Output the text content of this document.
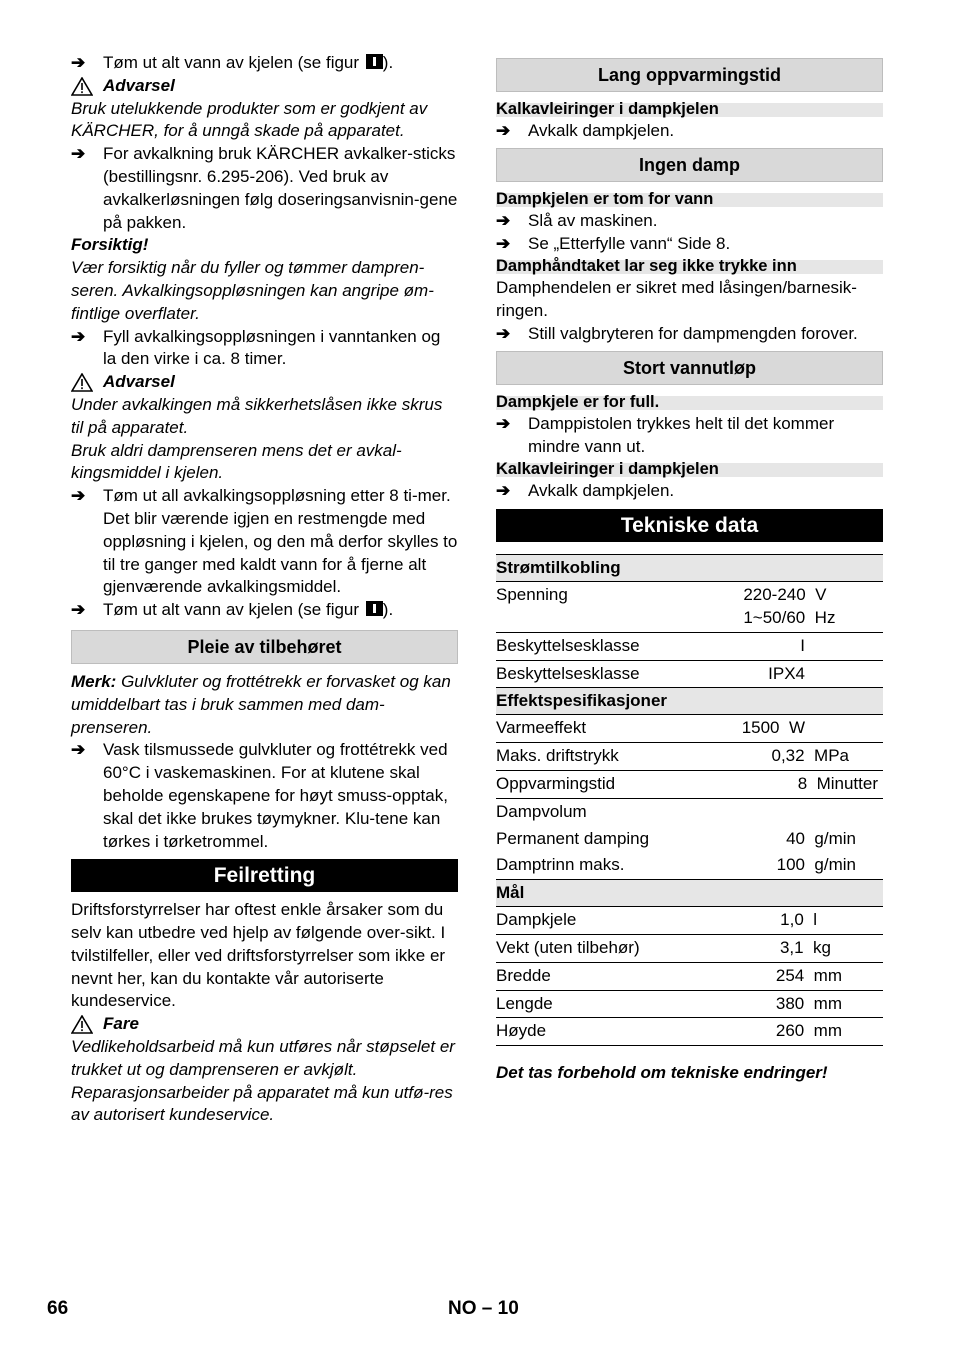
➔	Tøm ut alt vann av kjelen (se figur ).
Advarsel

Bruk utelukkende produkter som er godkjent av KÄRCHER, for å unngå skade på apparatet.

➔	For avkalkning bruk KÄRCHER avkalker-sticks (bestillingsnr. 6.295-206). Ved bruk av avkalkerløsningen følg doseringsanvisnin-gene på pakken.

Forsiktig!

Vær forsiktig når du fyller og tømmer dampren-seren. Avkalkingsoppløsningen kan angripe øm-fintlige overflater.

➔	Fyll avkalkingsoppløsningen i vanntanken og la den virke i ca. 8 timer.
Advarsel

Under avkalkingen må sikkerhetslåsen ikke skrus til på apparatet.

Bruk aldri damprenseren mens det er avkal-kingsmiddel i kjelen.

➔	Tøm ut all avkalkingsoppløsning etter 8 ti-mer. Det blir værende igjen en restmengde med oppløsning i kjelen, og den må derfor skylles to til tre ganger med kaldt vann for å fjerne alt gjenværende avkalkingsmiddel.
➔	Tøm ut alt vann av kjelen (se figur ).
Pleie av tilbehøret

Merk: Gulvkluter og frottétrekk er forvasket og kan umiddelbart tas i bruk sammen med dam-prenseren.

➔	Vask tilsmussede gulvkluter og frottétrekk ved 60°C i vaskemaskinen. For at klutene skal beholde egenskapene for høyt smuss-opptak, skal det ikke brukes tøymykner. Klu-tene kan tørkes i tørketrommel.
Feilretting

Driftsforstyrrelser har oftest enkle årsaker som du selv kan utbedre ved hjelp av følgende over-sikt. I tvilstilfeller, eller ved driftsforstyrrelser som ikke er nevnt her, kan du kontakte vår autoriserte kundeservice.

Fare

Vedlikeholdsarbeid må kun utføres når støpselet er trukket ut og damprenseren er avkjølt.

Reparasjonsarbeider på apparatet må kun utfø-res av autorisert kundeservice.

Lang oppvarmingstid
Kalkavleiringer i dampkjelen
➔	Avkalk dampkjelen.
Ingen damp
Dampkjelen er tom for vann
➔	Slå av maskinen.
➔	Se „Etterfylle vann“ Side 8.
Damphåndtaket lar seg ikke trykke inn

Damphendelen er sikret med låsingen/barnesik-ringen.

➔	Still valgbryteren for dampmengden forover.
Stort vannutløp
Dampkjele er for full.
➔	Damppistolen trykkes helt til det kommer mindre vann ut.
Kalkavleiringer i dampkjelen
➔	Avkalk dampkjelen.
Tekniske data
Strømtilkobling	
Spenning	220-240  V
1~50/60  Hz
Beskyttelsesklasse	I
Beskyttelsesklasse	IPX4
Effektspesifikasjoner	
Varmeeffekt	1500  W
Maks. driftstrykk	0,32  MPa
Oppvarmingstid	8  Minutter
Dampvolum	
Permanent damping	40  g/min
Damptrinn maks.	100  g/min
Mål	
Dampkjele	1,0  l
Vekt (uten tilbehør)	3,1  kg
Bredde	254  mm
Lengde	380  mm
Høyde	260  mm

Det tas forbehold om tekniske endringer!

66	NO – 10
